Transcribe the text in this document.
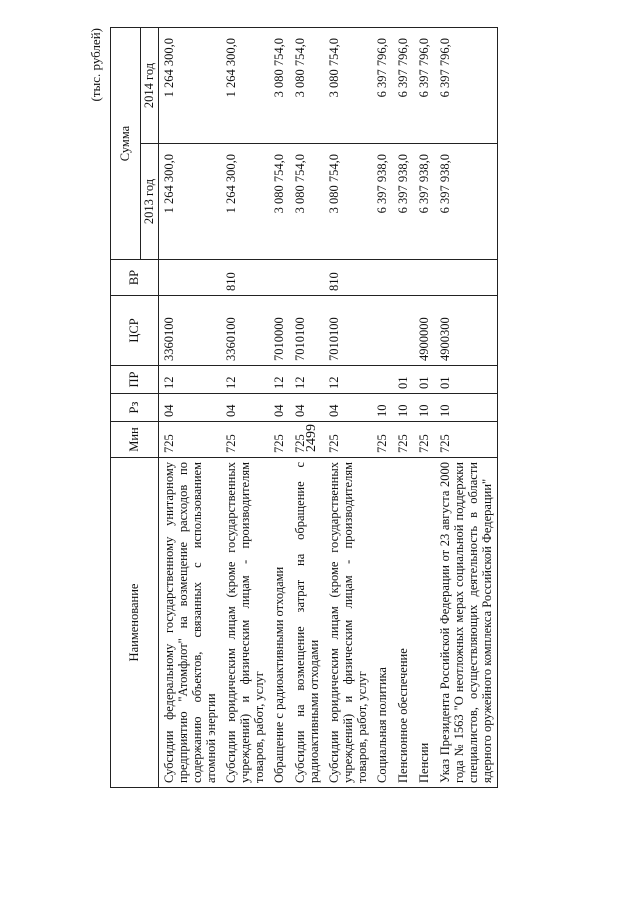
2499
(тыс. рублей)
Наименование	Мин	Рз	ПР	ЦСР	ВР	Сумма	
						2013 год	2014 год
Субсидии федеральному государственному унитарному предприятию "Атомфлот" на возмещение расходов по содержанию объектов, связанных с использованием атомной энергии	725	04	12	3360100		1 264 300,0	1 264 300,0
Субсидии юридическим лицам (кроме государственных учреждений) и физическим лицам - производителям товаров, работ, услуг	725	04	12	3360100	810	1 264 300,0	1 264 300,0
Обращение с радиоактивными отходами	725	04	12	7010000		3 080 754,0	3 080 754,0
Субсидии на возмещение затрат на обращение с радиоактивными отходами	725	04	12	7010100		3 080 754,0	3 080 754,0
Субсидии юридическим лицам (кроме государственных учреждений) и физическим лицам - производителям товаров, работ, услуг	725	04	12	7010100	810	3 080 754,0	3 080 754,0
Социальная политика	725	10				6 397 938,0	6 397 796,0
Пенсионное обеспечение	725	10	01			6 397 938,0	6 397 796,0
Пенсии	725	10	01	4900000		6 397 938,0	6 397 796,0
Указ Президента Российской Федерации от 23 августа 2000 года № 1563 "О неотложных мерах социальной поддержки специалистов, осуществляющих деятельность в области ядерного оружейного комплекса Российской Федерации"	725	10	01	4900300		6 397 938,0	6 397 796,0
